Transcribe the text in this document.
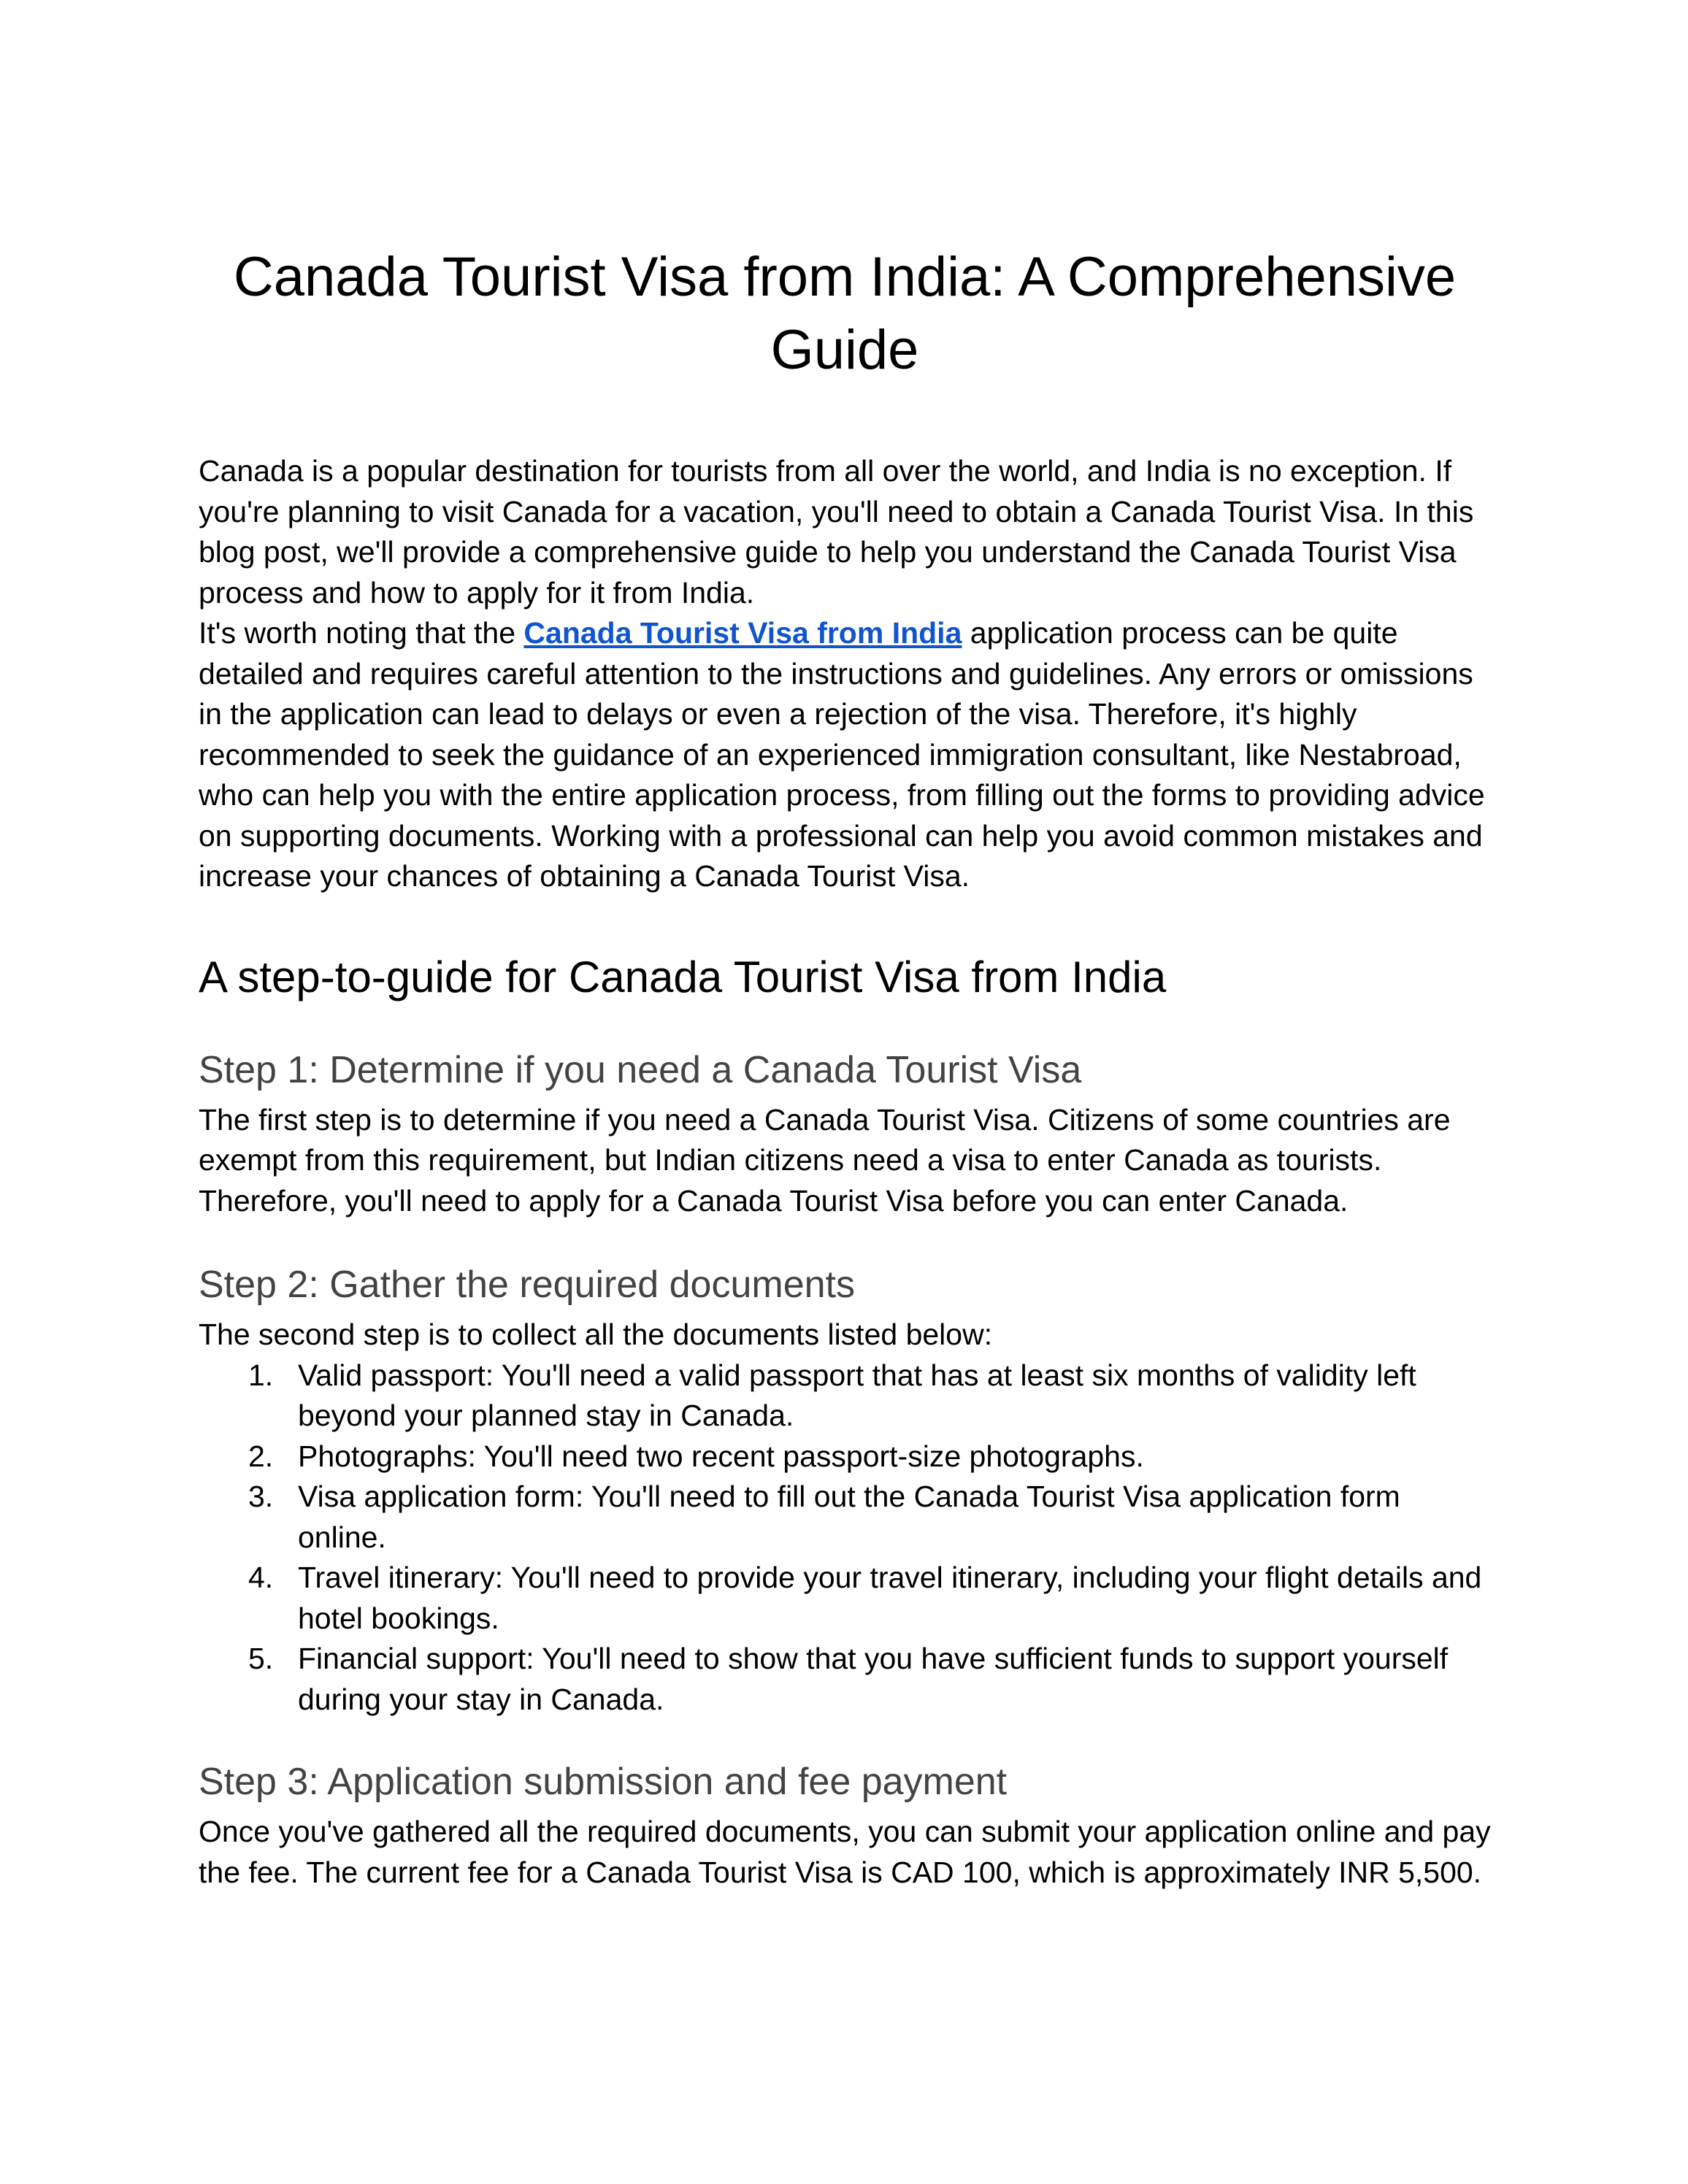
Canada Tourist Visa from India: A Comprehensive Guide

Canada is a popular destination for tourists from all over the world, and India is no exception. If you're planning to visit Canada for a vacation, you'll need to obtain a Canada Tourist Visa. In this blog post, we'll provide a comprehensive guide to help you understand the Canada Tourist Visa process and how to apply for it from India.

It's worth noting that the Canada Tourist Visa from India application process can be quite detailed and requires careful attention to the instructions and guidelines. Any errors or omissions in the application can lead to delays or even a rejection of the visa. Therefore, it's highly recommended to seek the guidance of an experienced immigration consultant, like Nestabroad, who can help you with the entire application process, from filling out the forms to providing advice on supporting documents. Working with a professional can help you avoid common mistakes and increase your chances of obtaining a Canada Tourist Visa.

A step-to-guide for Canada Tourist Visa from India
Step 1: Determine if you need a Canada Tourist Visa

The first step is to determine if you need a Canada Tourist Visa. Citizens of some countries are exempt from this requirement, but Indian citizens need a visa to enter Canada as tourists. Therefore, you'll need to apply for a Canada Tourist Visa before you can enter Canada.

Step 2: Gather the required documents

The second step is to collect all the documents listed below:

1. Valid passport: You'll need a valid passport that has at least six months of validity left beyond your planned stay in Canada.
2. Photographs: You'll need two recent passport-size photographs.
3. Visa application form: You'll need to fill out the Canada Tourist Visa application form online.
4. Travel itinerary: You'll need to provide your travel itinerary, including your flight details and hotel bookings.
5. Financial support: You'll need to show that you have sufficient funds to support yourself during your stay in Canada.
Step 3: Application submission and fee payment

Once you've gathered all the required documents, you can submit your application online and pay the fee. The current fee for a Canada Tourist Visa is CAD 100, which is approximately INR 5,500.
